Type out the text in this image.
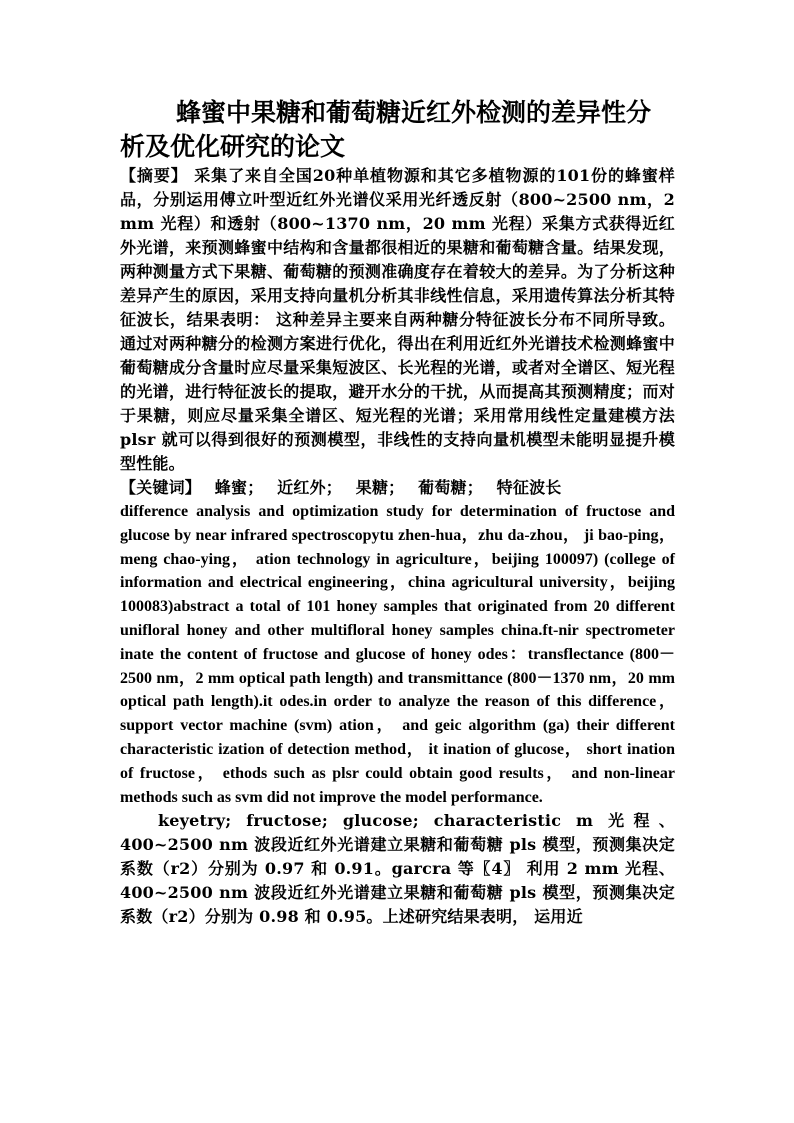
蜂蜜中果糖和葡萄糖近红外检测的差异性分析及优化研究的论文

【摘要】 采集了来自全国20种单植物源和其它多植物源的101份的蜂蜜样品，分别运用傅立叶型近红外光谱仪采用光纤透反射（800~2500 nm，2 mm 光程）和透射（800~1370 nm，20 mm 光程）采集方式获得近红外光谱，来预测蜂蜜中结构和含量都很相近的果糖和葡萄糖含量。结果发现，两种测量方式下果糖、葡萄糖的预测准确度存在着较大的差异。为了分析这种差异产生的原因，采用支持向量机分析其非线性信息，采用遗传算法分析其特征波长，结果表明： 这种差异主要来自两种糖分特征波长分布不同所导致。通过对两种糖分的检测方案进行优化，得出在利用近红外光谱技术检测蜂蜜中葡萄糖成分含量时应尽量采集短波区、长光程的光谱，或者对全谱区、短光程的光谱，进行特征波长的提取，避开水分的干扰，从而提高其预测精度；而对于果糖，则应尽量采集全谱区、短光程的光谱；采用常用线性定量建模方法 plsr 就可以得到很好的预测模型，非线性的支持向量机模型未能明显提升模型性能。

【关键词】 蜂蜜； 近红外； 果糖； 葡萄糖； 特征波长

difference analysis and optimization study for determination of fructose and glucose by near infrared spectroscopytu zhen-hua，zhu da-zhou， ji bao-ping， meng chao-ying， ation technology in agriculture，beijing 100097) (college of information and electrical engineering，china agricultural university，beijing 100083)abstract a total of 101 honey samples that originated from 20 different unifloral honey and other multifloral honey samples china.ft-nir spectrometer inate the content of fructose and glucose of honey odes：transflectance (800－2500 nm，2 mm optical path length) and transmittance (800－1370 nm，20 mm optical path length).it odes.in order to analyze the reason of this difference， support vector machine (svm) ation， and geic algorithm (ga) their different characteristic ization of detection method， it ination of glucose， short ination of fructose， ethods such as plsr could obtain good results， and non-linear methods such as svm did not improve the model performance.

keyetry; fructose; glucose; characteristic m 光程、400~2500 nm 波段近红外光谱建立果糖和葡萄糖 pls 模型，预测集决定系数（r2）分别为 0.97 和 0.91。garcra 等〖4〗 利用 2 mm 光程、400~2500 nm 波段近红外光谱建立果糖和葡萄糖 pls 模型，预测集决定系数（r2）分别为 0.98 和 0.95。上述研究结果表明， 运用近
